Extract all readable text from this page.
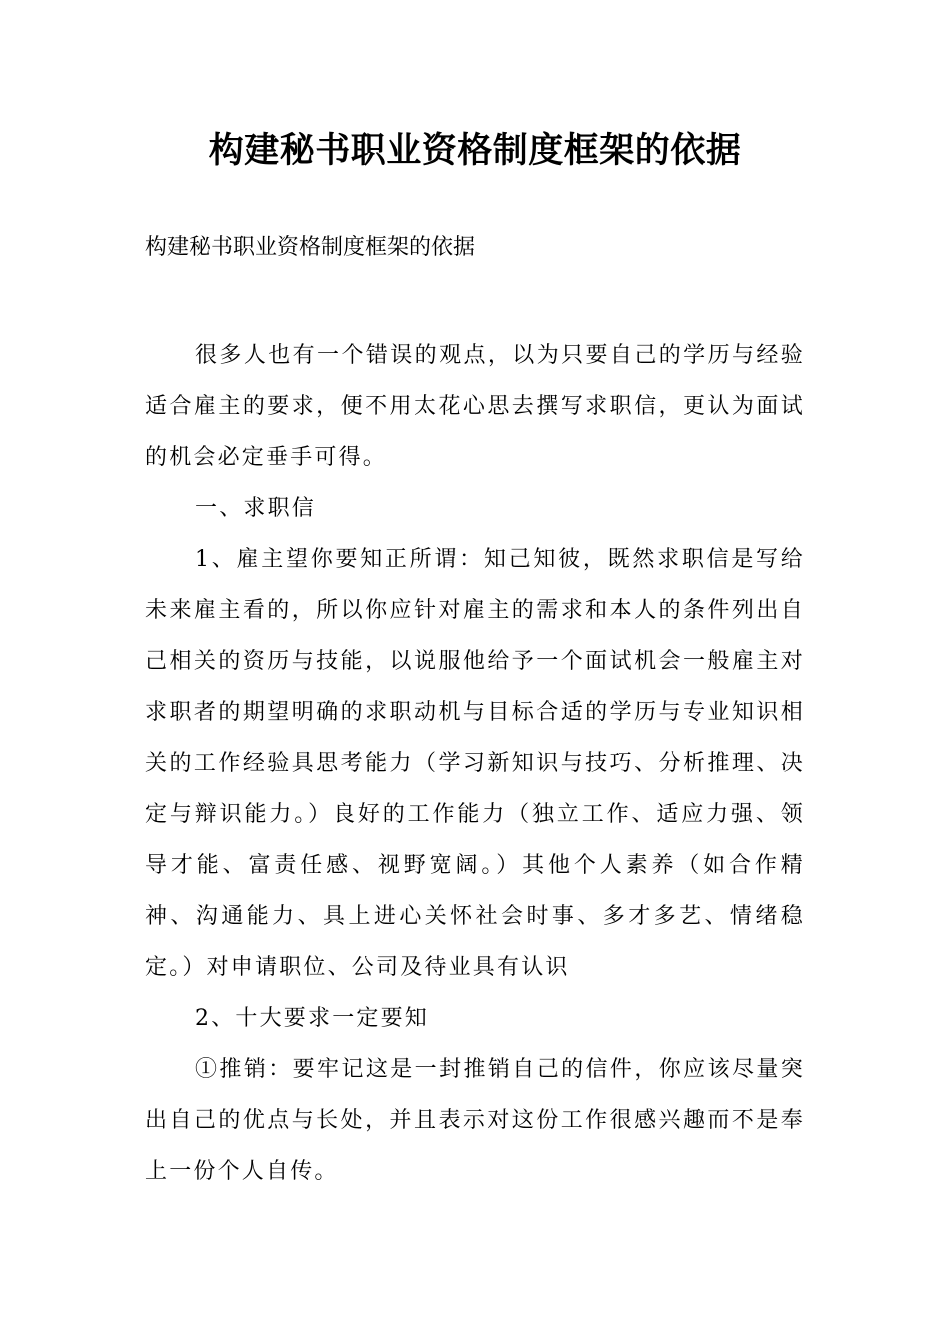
构建秘书职业资格制度框架的依据
构建秘书职业资格制度框架的依据

很多人也有一个错误的观点，以为只要自己的学历与经验适合雇主的要求，便不用太花心思去撰写求职信，更认为面试的机会必定垂手可得。

一、求职信

1、雇主望你要知正所谓：知己知彼，既然求职信是写给未来雇主看的，所以你应针对雇主的需求和本人的条件列出自己相关的资历与技能，以说服他给予一个面试机会一般雇主对求职者的期望明确的求职动机与目标合适的学历与专业知识相关的工作经验具思考能力（学习新知识与技巧、分析推理、决定与辩识能力。）良好的工作能力（独立工作、适应力强、领导才能、富责任感、视野宽阔。）其他个人素养（如合作精神、沟通能力、具上进心关怀社会时事、多才多艺、情绪稳定。）对申请职位、公司及待业具有认识

2、十大要求一定要知

①推销：要牢记这是一封推销自己的信件，你应该尽量突出自己的优点与长处，并且表示对这份工作很感兴趣而不是奉上一份个人自传。
